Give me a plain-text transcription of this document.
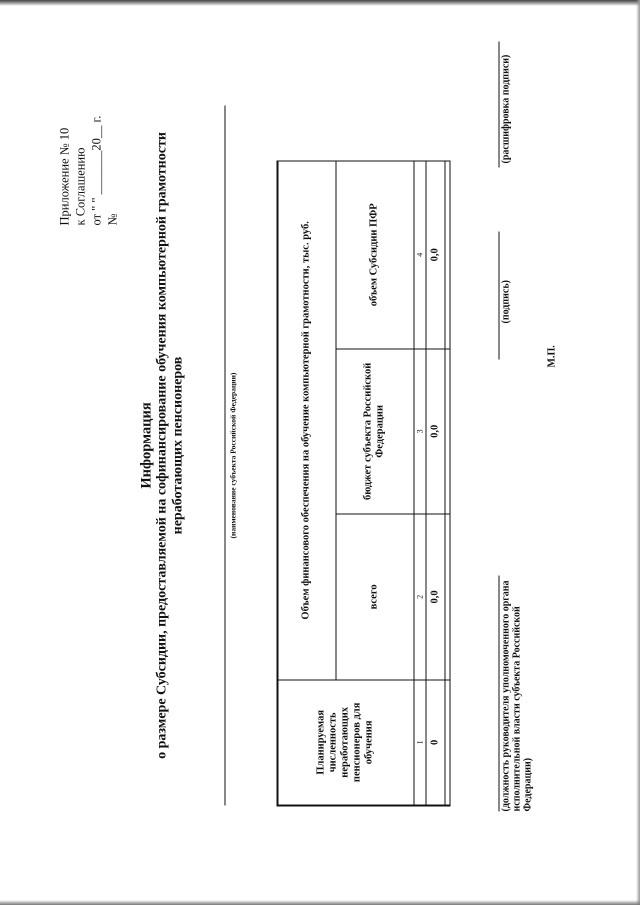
Приложение № 10 к Соглашению от " " _______20__ г. №
Информация о размере Субсидии, предоставляемой на софинансирование обучения компьютерной грамотности неработающих пенсионеров	(наименование субъекта Российской Федерации)
Планируемая численность неработающих пенсионеров для обучения	Объем финансового обеспечения на обучение компьютерной грамотности, тыс. руб.		
	всего	бюджет субъекта Российской Федерации	объем Субсидии ПФР
1	2	3	4
0	0,0	0,0	0,0

(должность руководителя уполномоченного органа исполнительной власти субъекта Российской Федерации)
(подпись)
(расшифровка подписи)
М.П.
